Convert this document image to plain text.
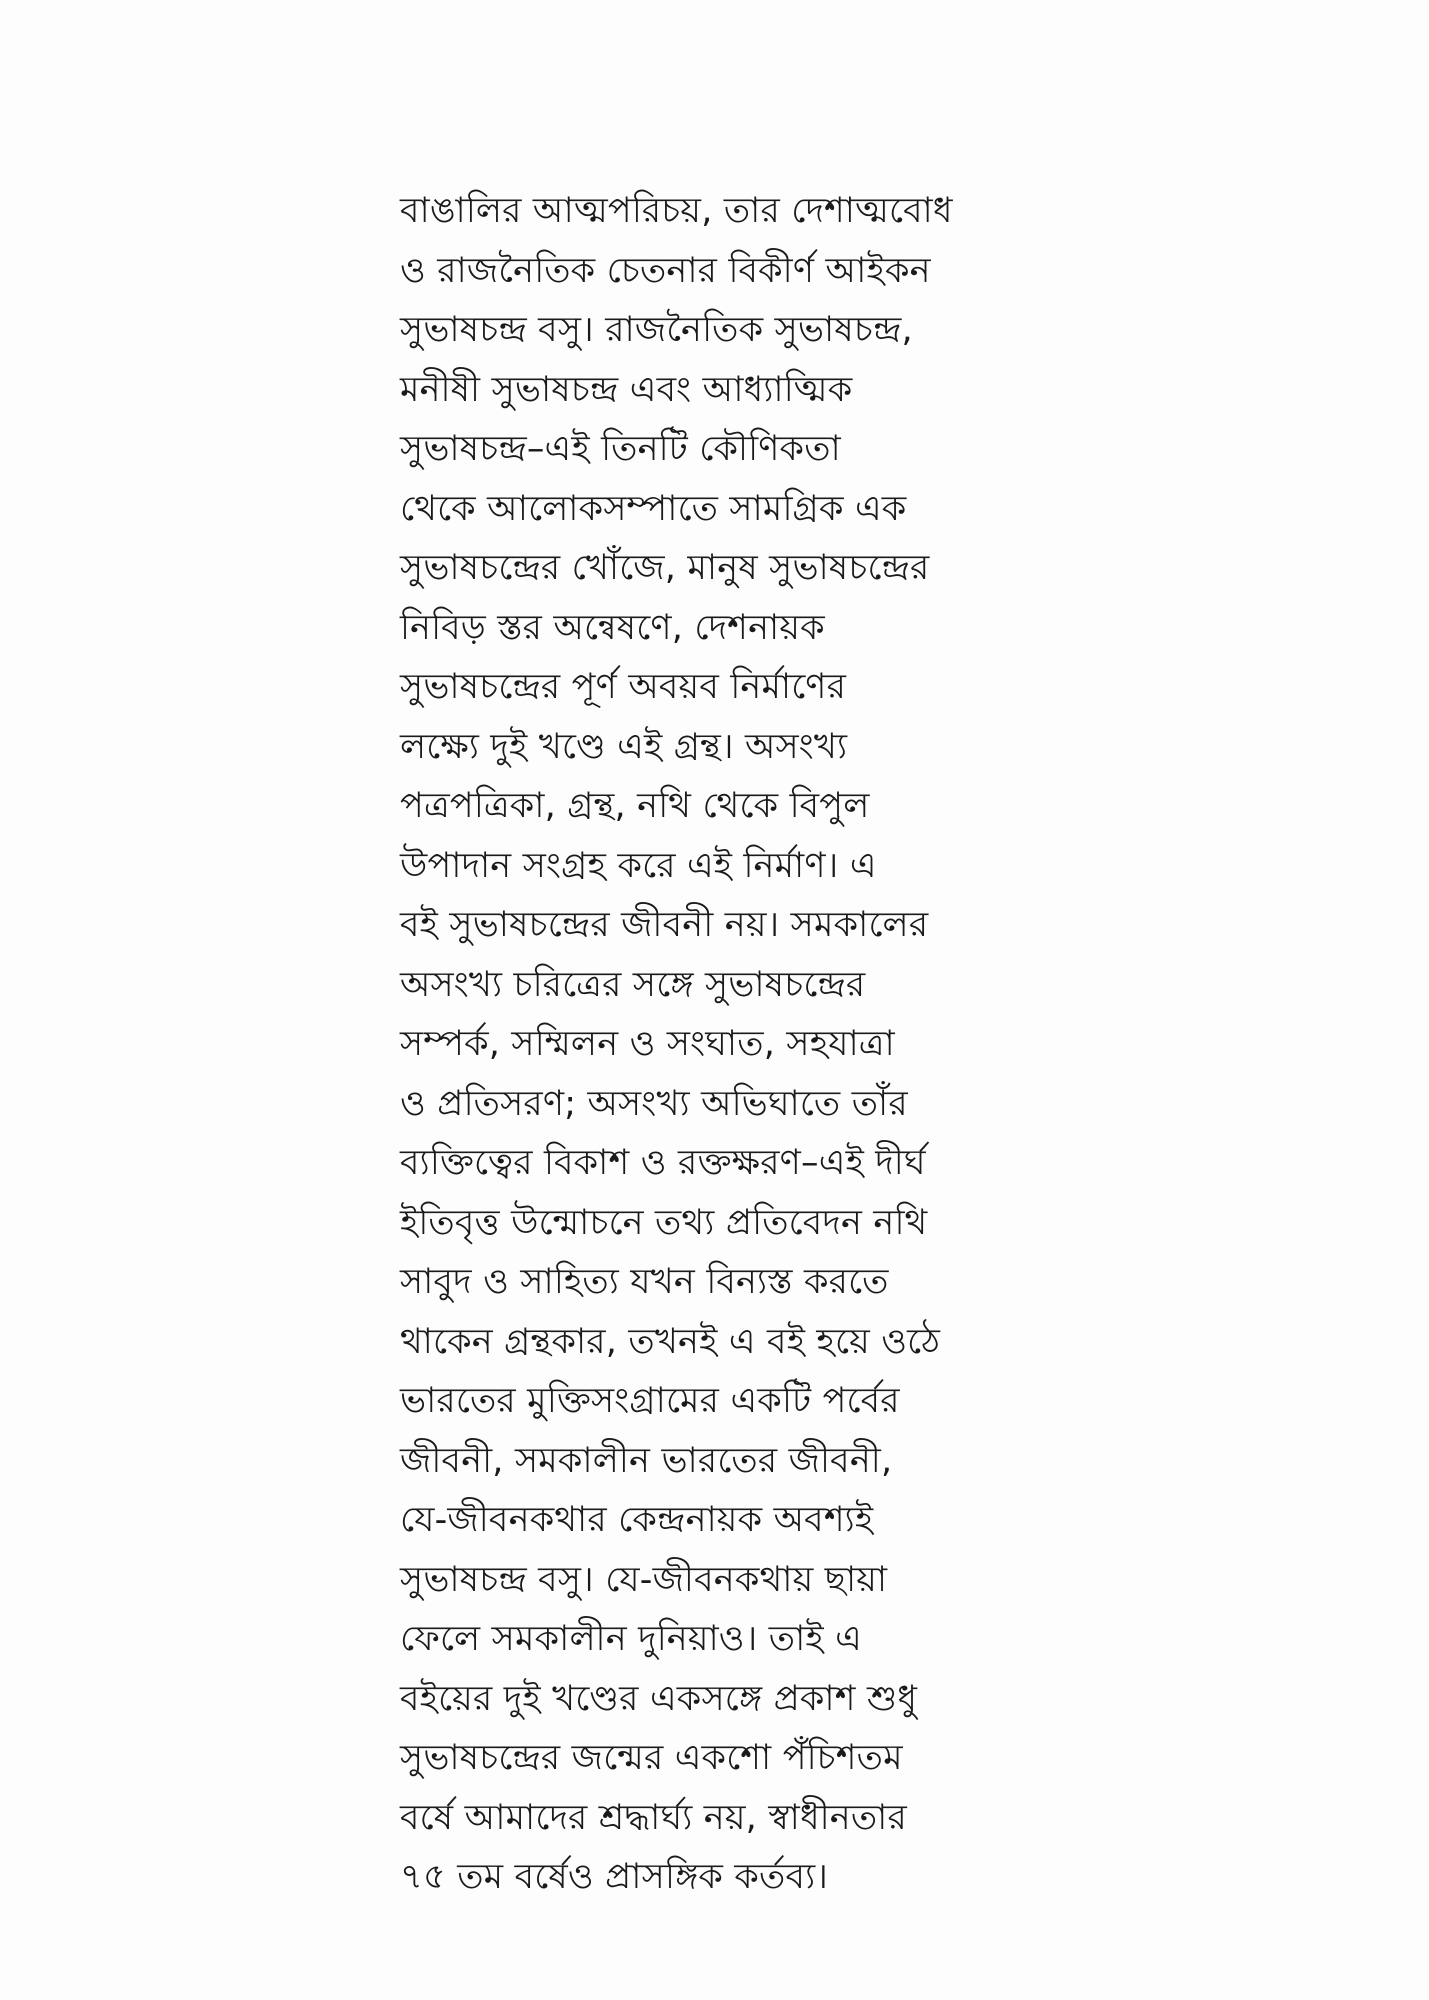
বাঙালির আত্মপরিচয়, তার দেশাত্মবোধ
ও রাজনৈতিক চেতনার বিকীর্ণ আইকন
সুভাষচন্দ্র বসু। রাজনৈতিক সুভাষচন্দ্র,
মনীষী সুভাষচন্দ্র এবং আধ্যাত্মিক
সুভাষচন্দ্র–এই তিনটি কৌণিকতা
থেকে আলোকসম্পাতে সামগ্রিক এক
সুভাষচন্দ্রের খোঁজে, মানুষ সুভাষচন্দ্রের
নিবিড় স্তর অন্বেষণে, দেশনায়ক
সুভাষচন্দ্রের পূর্ণ অবয়ব নির্মাণের
লক্ষ্যে দুই খণ্ডে এই গ্রন্থ। অসংখ্য
পত্রপত্রিকা, গ্রন্থ, নথি থেকে বিপুল
উপাদান সংগ্রহ করে এই নির্মাণ। এ
বই সুভাষচন্দ্রের জীবনী নয়। সমকালের
অসংখ্য চরিত্রের সঙ্গে সুভাষচন্দ্রের
সম্পর্ক, সম্মিলন ও সংঘাত, সহযাত্রা
ও প্রতিসরণ; অসংখ্য অভিঘাতে তাঁর
ব্যক্তিত্বের বিকাশ ও রক্তক্ষরণ–এই দীর্ঘ
ইতিবৃত্ত উন্মোচনে তথ্য প্রতিবেদন নথি
সাবুদ ও সাহিত্য যখন বিন্যস্ত করতে
থাকেন গ্রন্থকার, তখনই এ বই হয়ে ওঠে
ভারতের মুক্তিসংগ্রামের একটি পর্বের
জীবনী, সমকালীন ভারতের জীবনী,
যে-জীবনকথার কেন্দ্রনায়ক অবশ্যই
সুভাষচন্দ্র বসু। যে-জীবনকথায় ছায়া
ফেলে সমকালীন দুনিয়াও। তাই এ
বইয়ের দুই খণ্ডের একসঙ্গে প্রকাশ শুধু
সুভাষচন্দ্রের জন্মের একশো পঁচিশতম
বর্ষে আমাদের শ্রদ্ধার্ঘ্য নয়, স্বাধীনতার
৭৫ তম বর্ষেও প্রাসঙ্গিক কর্তব্য।
